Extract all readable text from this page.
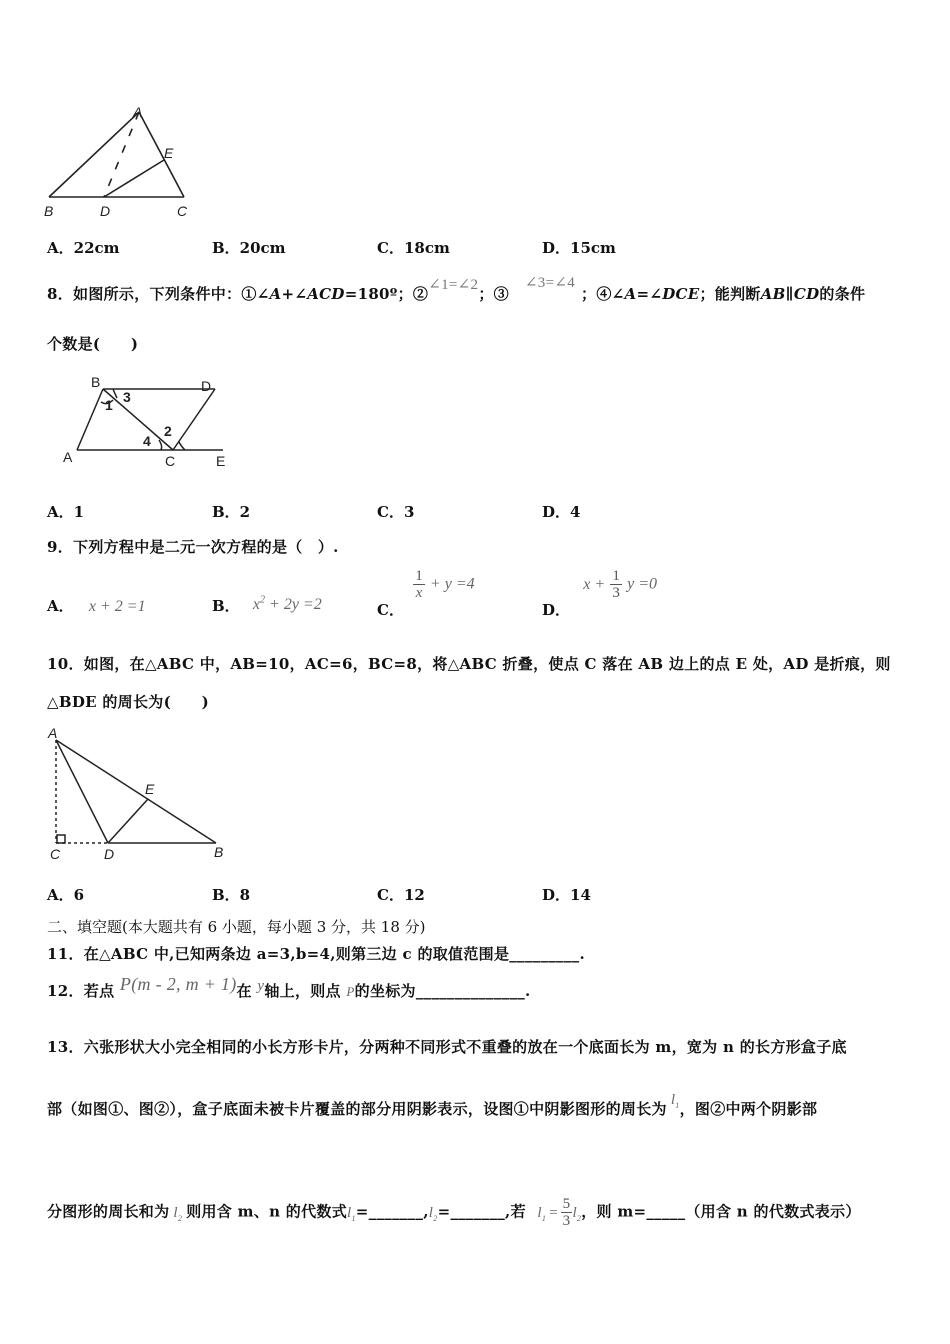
A
E
B	D	C
A．22cm	B．20cm	C．18cm	D．15cm
8．如图所示，下列条件中：①∠A+∠ACD=180º；②∠1=∠2；③∠3=∠4；④∠A=∠DCE；能判断AB∥CD的条件
个数是(　　)
B	D
A	C	E
1 3
4
2
A．1	B．2	C．3	D．4
9．下列方程中是二元一次方程的是（　）.
A． x + 2 =1	B． $x^2 + 2y =2$	C．
$\frac{1}{x} + y =4$
D． $x + \frac{1}{3}$ y =0
10．如图，在△ABC 中，AB=10，AC=6，BC=8，将△ABC 折叠，使点 C 落在 AB 边上的点 E 处，AD 是折痕，则
△BDE 的周长为(　　)
A
E
C	D	B
A．6	B．8	C．12	D．14
二、填空题(本大题共有 6 小题，每小题 3 分，共 18 分)
11．在△ABC 中,已知两条边 a=3,b=4,则第三边 c 的取值范围是_________.
12．若点 P(m - 2, m + 1)在 y轴上，则点 P的坐标为______________.
13．六张形状大小完全相同的小长方形卡片，分两种不同形式不重叠的放在一个底面长为 m，宽为 n 的长方形盒子底
部（如图①、图②），盒子底面未被卡片覆盖的部分用阴影表示，设图①中阴影图形的周长为 $l_1$，图②中两个阴影部
分图形的周长和为 $l_2$ 则用含 m、n 的代数式$l_1=\_\_\_\_\_\_\_,l_2=\_\_\_\_\_\_\_$,若 $l_1 = \frac{5}{3} l_2$，则 m=_____（用含 n 的代数式表示）
